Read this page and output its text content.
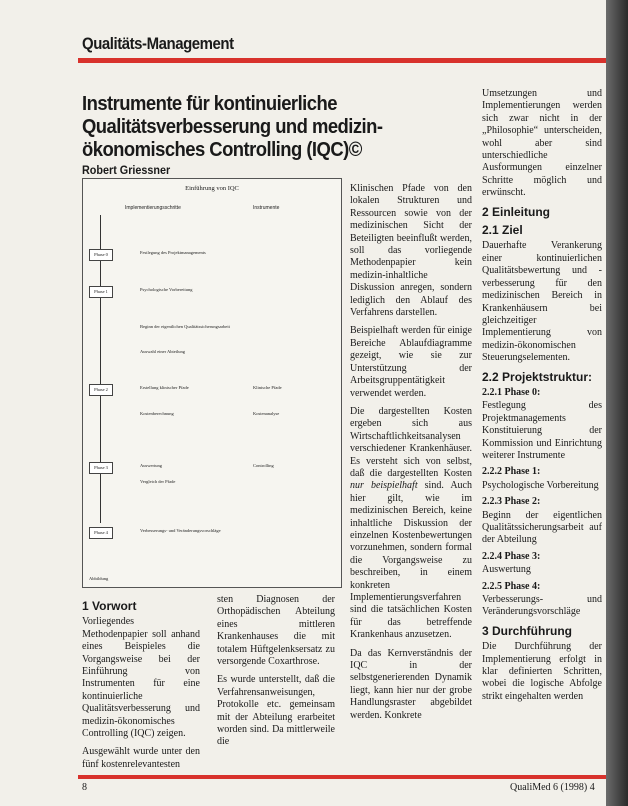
Qualitäts-Management
Instrumente für kontinuierliche Qualitätsverbesserung und medizin-ökonomisches Controlling (IQC)©
Robert Griessner
Einführung von IQC
Implementierungsschritte	Instrumente
Phase 0
Phase 1
Phase 2
Phase 3
Phase 4
Festlegung des Projektmanagements
Psychologische Vorbereitung
Beginn der eigentlichen Qualitätssicherungsarbeit
Auswahl einer Abteilung
Erstellung klinischer Pfade
Kostenberechnung
Auswertung
Vergleich der Pfade
Verbesserungs- und Veränderungsvorschläge
Klinische Pfade
Kostenanalyse
Controlling
Abbildung
1 Vorwort

Vorliegendes Methodenpapier soll anhand eines Beispieles die Vorgangsweise bei der Einführung von Instrumenten für eine kontinuierliche Qualitätsverbesserung und medizin-ökonomisches Controlling (IQC) zeigen.

Ausgewählt wurde unter den fünf kostenrelevantesten

sten Diagnosen der Orthopädischen Abteilung eines mittleren Krankenhauses die mit totalem Hüftgelenksersatz zu versorgende Coxarthrose.

Es wurde unterstellt, daß die Verfahrensanweisungen, Protokolle etc. gemeinsam mit der Abteilung erarbeitet worden sind. Da mittlerweile die

Klinischen Pfade von den lokalen Strukturen und Ressourcen sowie von der medizinischen Sicht der Beteiligten beeinflußt werden, soll das vorliegende Methodenpapier kein medizin-inhaltliche Diskussion anregen, sondern lediglich den Ablauf des Verfahrens darstellen.

Beispielhaft werden für einige Bereiche Ablaufdiagramme gezeigt, wie sie zur Unterstützung der Arbeitsgruppentätigkeit verwendet werden.

Die dargestellten Kosten ergeben sich aus Wirtschaftlichkeitsanalysen verschiedener Krankenhäuser. Es versteht sich von selbst, daß die dargestellten Kosten nur beispielhaft sind. Auch hier gilt, wie im medizinischen Bereich, keine inhaltliche Diskussion der einzelnen Kostenbewertungen vorzunehmen, sondern formal die Vorgangsweise zu beschreiben, in einem konkreten Implementierungsverfahren sind die tatsächlichen Kosten für das betreffende Krankenhaus anzusetzen.

Da das Kernverständnis der IQC in der selbstgenerierenden Dynamik liegt, kann hier nur der grobe Handlungsraster abgebildet werden. Konkrete

Umsetzungen und Implementierungen werden sich zwar nicht in der „Philosophie“ unterscheiden, wohl aber sind unterschiedliche Ausformungen einzelner Schritte möglich und erwünscht.

2 Einleitung
2.1 Ziel

Dauerhafte Verankerung einer kontinuierlichen Qualitätsbewertung und -verbesserung für den medizinischen Bereich in Krankenhäusern bei gleichzeitiger Implementierung von medizin-ökonomischen Steuerungselementen.

2.2 Projektstruktur:
2.2.1 Phase 0:
Festlegung des Projektmanagements Konstituierung der Kommission und Einrichtung weiterer Instrumente
2.2.2 Phase 1:
Psychologische Vorbereitung
2.2.3 Phase 2:
Beginn der eigentlichen Qualitätssicherungsarbeit auf der Abteilung
2.2.4 Phase 3:
Auswertung
2.2.5 Phase 4:
Verbesserungs- und Veränderungsvorschläge
3 Durchführung

Die Durchführung der Implementierung erfolgt in klar definierten Schritten, wobei die logische Abfolge strikt eingehalten werden

8	QualiMed 6 (1998) 4
